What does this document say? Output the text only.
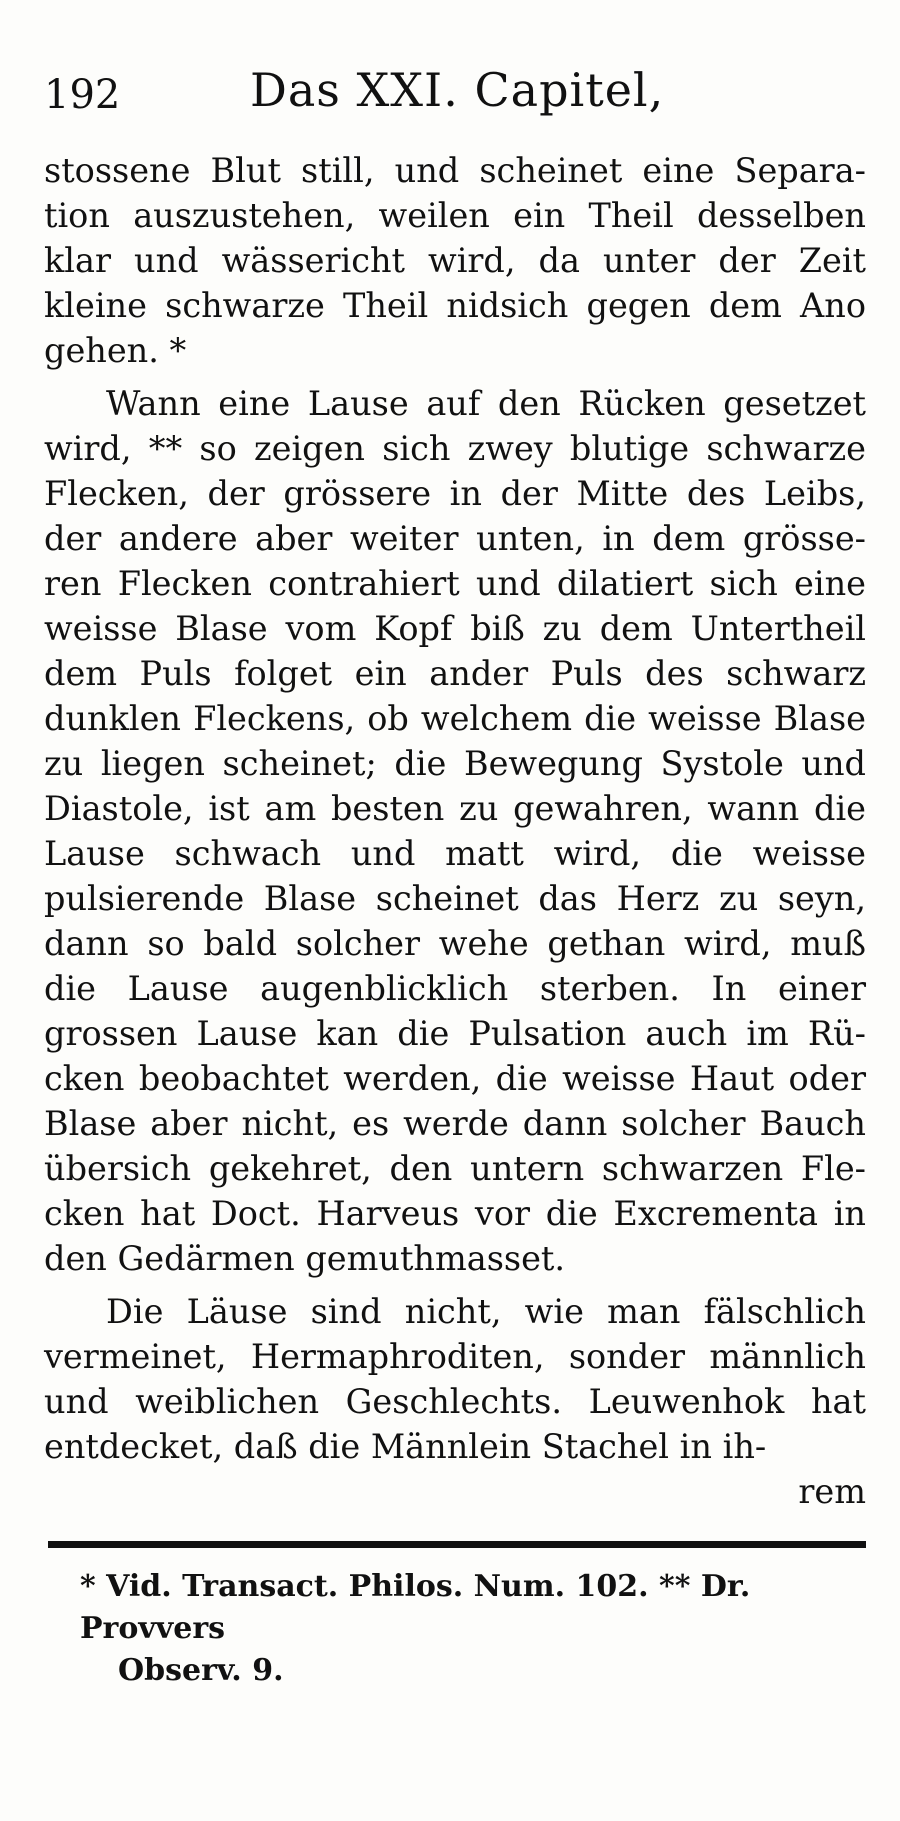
192	Das XXI. Capitel,

stossene Blut still, und scheinet eine Separa- tion auszustehen, weilen ein Theil desselben klar und wässericht wird, da unter der Zeit kleine schwarze Theil nidsich gegen dem Ano gehen. *

Wann eine Lause auf den Rücken gesetzet wird, ** so zeigen sich zwey blutige schwarze Flecken, der grössere in der Mitte des Leibs, der andere aber weiter unten, in dem grösse- ren Flecken contrahiert und dilatiert sich eine weisse Blase vom Kopf biß zu dem Untertheil dem Puls folget ein ander Puls des schwarz dunklen Fleckens, ob welchem die weisse Blase zu liegen scheinet; die Bewegung Systole und Diastole, ist am besten zu gewahren, wann die Lause schwach und matt wird, die weisse pulsierende Blase scheinet das Herz zu seyn, dann so bald solcher wehe gethan wird, muß die Lause augenblicklich sterben. In einer grossen Lause kan die Pulsation auch im Rü- cken beobachtet werden, die weisse Haut oder Blase aber nicht, es werde dann solcher Bauch übersich gekehret, den untern schwarzen Fle- cken hat Doct. Harveus vor die Excrementa in den Gedärmen gemuthmasset.

Die Läuse sind nicht, wie man fälschlich vermeinet, Hermaphroditen, sonder männlich und weiblichen Geschlechts. Leuwenhok hat entdecket, daß die Männlein Stachel in ih-

rem

* Vid. Transact. Philos. Num. 102. ** Dr. Provvers

Observ. 9.
